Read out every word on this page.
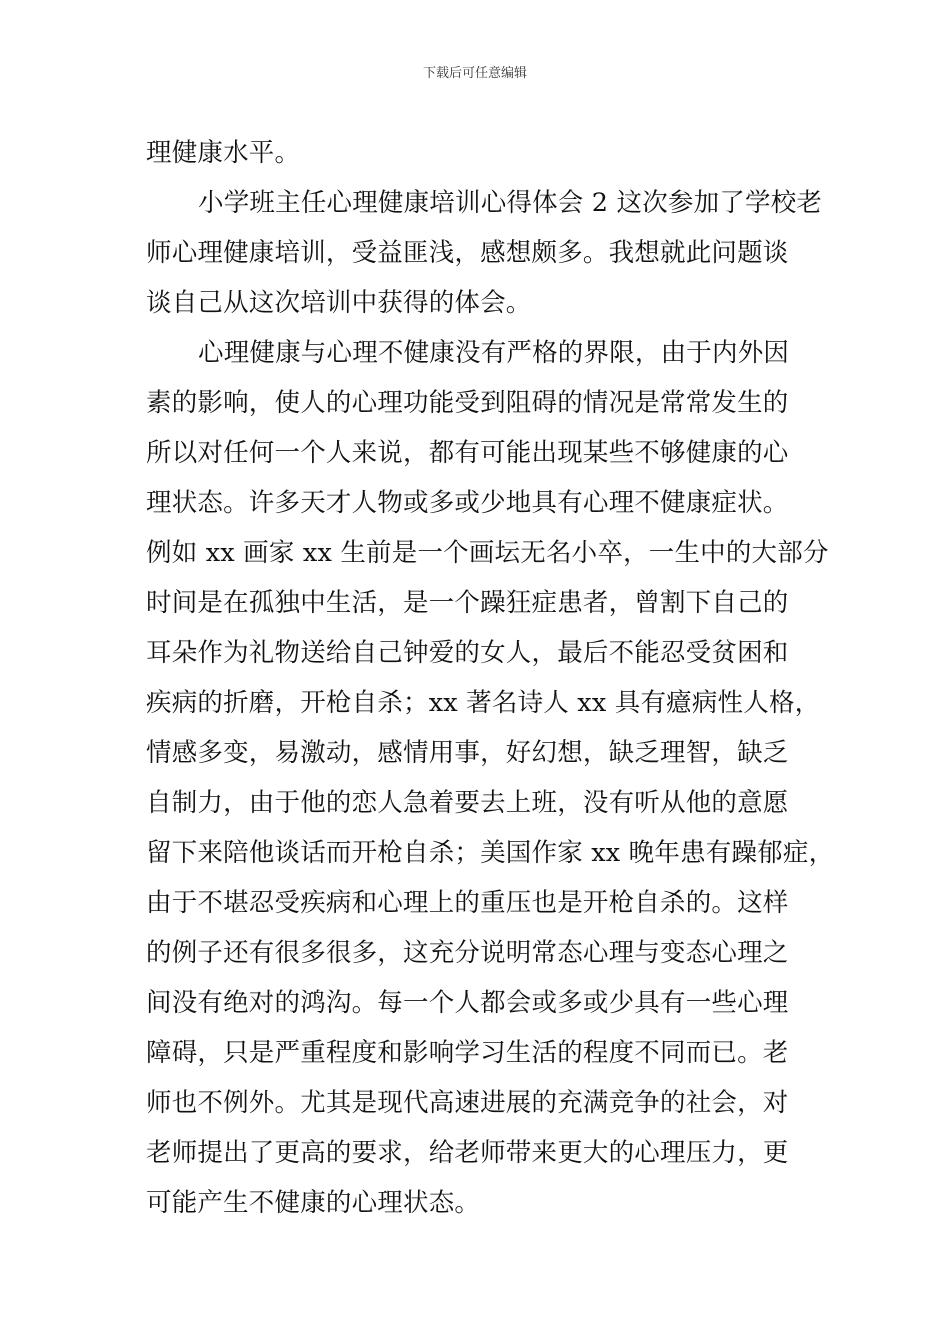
下载后可任意编辑
理健康水平。
小学班主任心理健康培训心得体会 2 这次参加了学校老
师心理健康培训，受益匪浅，感想颇多。我想就此问题谈
谈自己从这次培训中获得的体会。
心理健康与心理不健康没有严格的界限，由于内外因
素的影响，使人的心理功能受到阻碍的情况是常常发生的
所以对任何一个人来说，都有可能出现某些不够健康的心
理状态。许多天才人物或多或少地具有心理不健康症状。
例如 xx 画家 xx 生前是一个画坛无名小卒，一生中的大部分
时间是在孤独中生活，是一个躁狂症患者，曾割下自己的
耳朵作为礼物送给自己钟爱的女人，最后不能忍受贫困和
疾病的折磨，开枪自杀；xx 著名诗人 xx 具有癔病性人格，
情感多变，易激动，感情用事，好幻想，缺乏理智，缺乏
自制力，由于他的恋人急着要去上班，没有听从他的意愿
留下来陪他谈话而开枪自杀；美国作家 xx 晚年患有躁郁症，
由于不堪忍受疾病和心理上的重压也是开枪自杀的。这样
的例子还有很多很多，这充分说明常态心理与变态心理之
间没有绝对的鸿沟。每一个人都会或多或少具有一些心理
障碍，只是严重程度和影响学习生活的程度不同而已。老
师也不例外。尤其是现代高速进展的充满竞争的社会，对
老师提出了更高的要求，给老师带来更大的心理压力，更
可能产生不健康的心理状态。
